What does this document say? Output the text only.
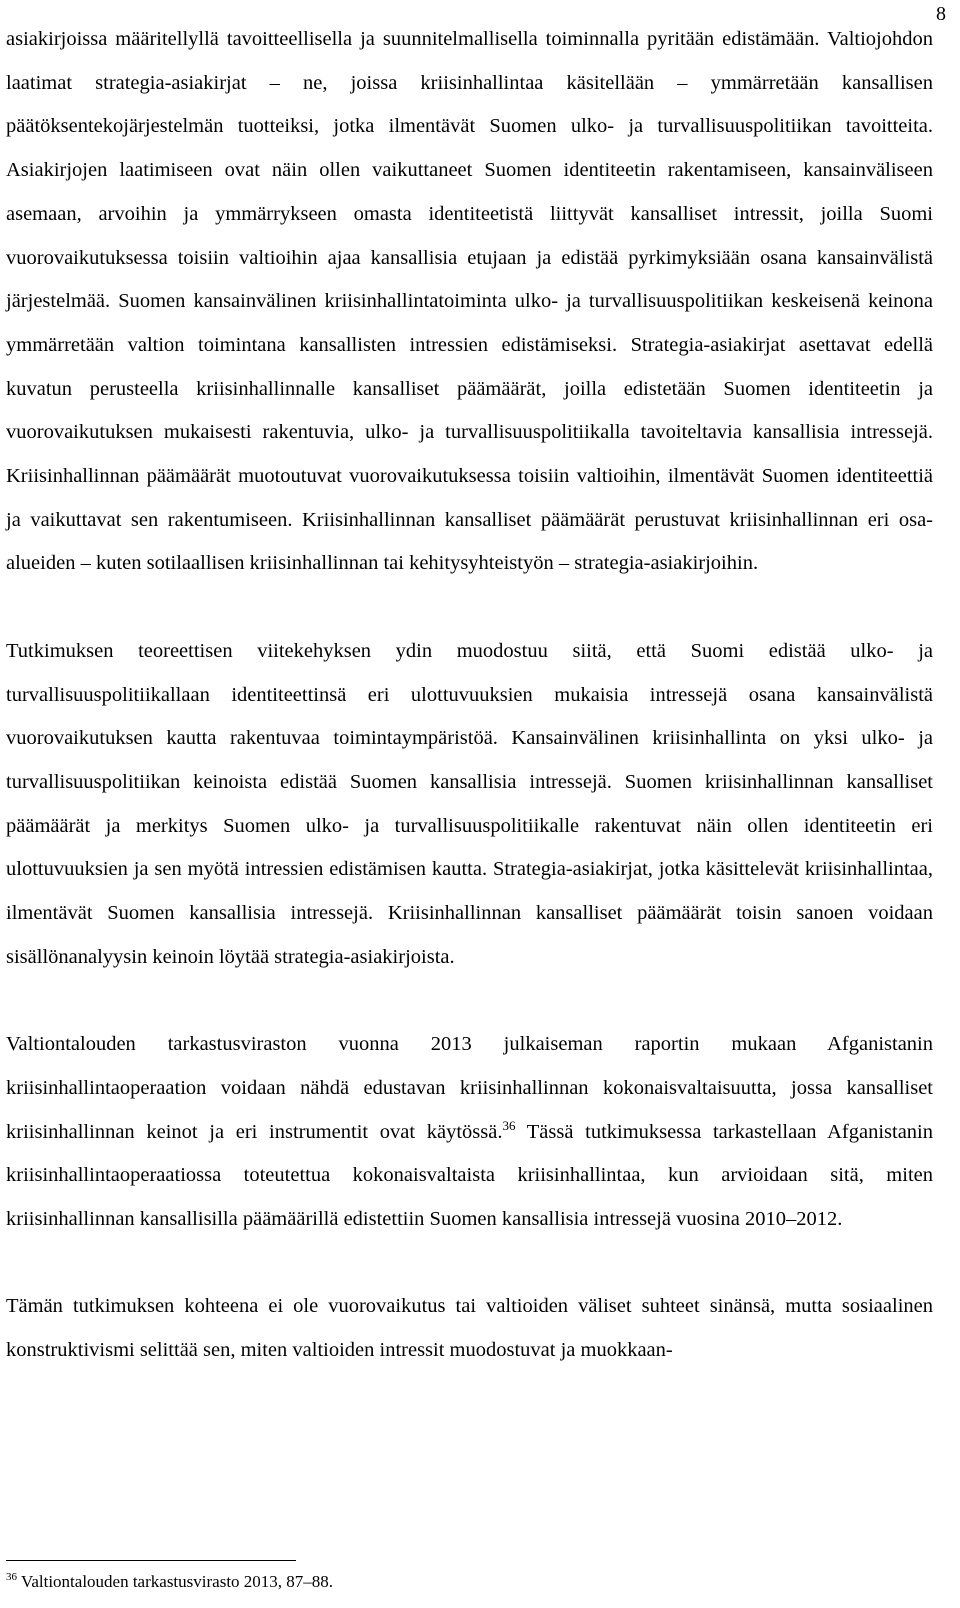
8

asiakirjoissa määritellyllä tavoitteellisella ja suunnitelmallisella toiminnalla pyritään edistämään. Valtiojohdon laatimat strategia-asiakirjat – ne, joissa kriisinhallintaa käsitellään – ymmärretään kansallisen päätöksentekojärjestelmän tuotteiksi, jotka ilmentävät Suomen ulko- ja turvallisuuspolitiikan tavoitteita. Asiakirjojen laatimiseen ovat näin ollen vaikuttaneet Suomen identiteetin rakentamiseen, kansainväliseen asemaan, arvoihin ja ymmärrykseen omasta identiteetistä liittyvät kansalliset intressit, joilla Suomi vuorovaikutuksessa toisiin valtioihin ajaa kansallisia etujaan ja edistää pyrkimyksiään osana kansainvälistä järjestelmää. Suomen kansainvälinen kriisinhallintatoiminta ulko- ja turvallisuuspolitiikan keskeisenä keinona ymmärretään valtion toimintana kansallisten intressien edistämiseksi. Strategia-asiakirjat asettavat edellä kuvatun perusteella kriisinhallinnalle kansalliset päämäärät, joilla edistetään Suomen identiteetin ja vuorovaikutuksen mukaisesti rakentuvia, ulko- ja turvallisuuspolitiikalla tavoiteltavia kansallisia intressejä. Kriisinhallinnan päämäärät muotoutuvat vuorovaikutuksessa toisiin valtioihin, ilmentävät Suomen identiteettiä ja vaikuttavat sen rakentumiseen. Kriisinhallinnan kansalliset päämäärät perustuvat kriisinhallinnan eri osa-alueiden – kuten sotilaallisen kriisinhallinnan tai kehitysyhteistyön – strategia-asiakirjoihin.

Tutkimuksen teoreettisen viitekehyksen ydin muodostuu siitä, että Suomi edistää ulko- ja turvallisuuspolitiikallaan identiteettinsä eri ulottuvuuksien mukaisia intressejä osana kansainvälistä vuorovaikutuksen kautta rakentuvaa toimintaympäristöä. Kansainvälinen kriisinhallinta on yksi ulko- ja turvallisuuspolitiikan keinoista edistää Suomen kansallisia intressejä. Suomen kriisinhallinnan kansalliset päämäärät ja merkitys Suomen ulko- ja turvallisuuspolitiikalle rakentuvat näin ollen identiteetin eri ulottuvuuksien ja sen myötä intressien edistämisen kautta. Strategia-asiakirjat, jotka käsittelevät kriisinhallintaa, ilmentävät Suomen kansallisia intressejä. Kriisinhallinnan kansalliset päämäärät toisin sanoen voidaan sisällönanalyysin keinoin löytää strategia-asiakirjoista.

Valtiontalouden tarkastusviraston vuonna 2013 julkaiseman raportin mukaan Afganistanin kriisinhallintaoperaation voidaan nähdä edustavan kriisinhallinnan kokonaisvaltaisuutta, jossa kansalliset kriisinhallinnan keinot ja eri instrumentit ovat käytössä.$^{36}$ Tässä tutkimuksessa tarkastellaan Afganistanin kriisinhallintaoperaatiossa toteutettua kokonaisvaltaista kriisinhallintaa, kun arvioidaan sitä, miten kriisinhallinnan kansallisilla päämäärillä edistettiin Suomen kansallisia intressejä vuosina 2010–2012.

Tämän tutkimuksen kohteena ei ole vuorovaikutus tai valtioiden väliset suhteet sinänsä, mutta sosiaalinen konstruktivismi selittää sen, miten valtioiden intressit muodostuvat ja muokkaan-

$^{36}$ Valtiontalouden tarkastusvirasto 2013, 87–88.
